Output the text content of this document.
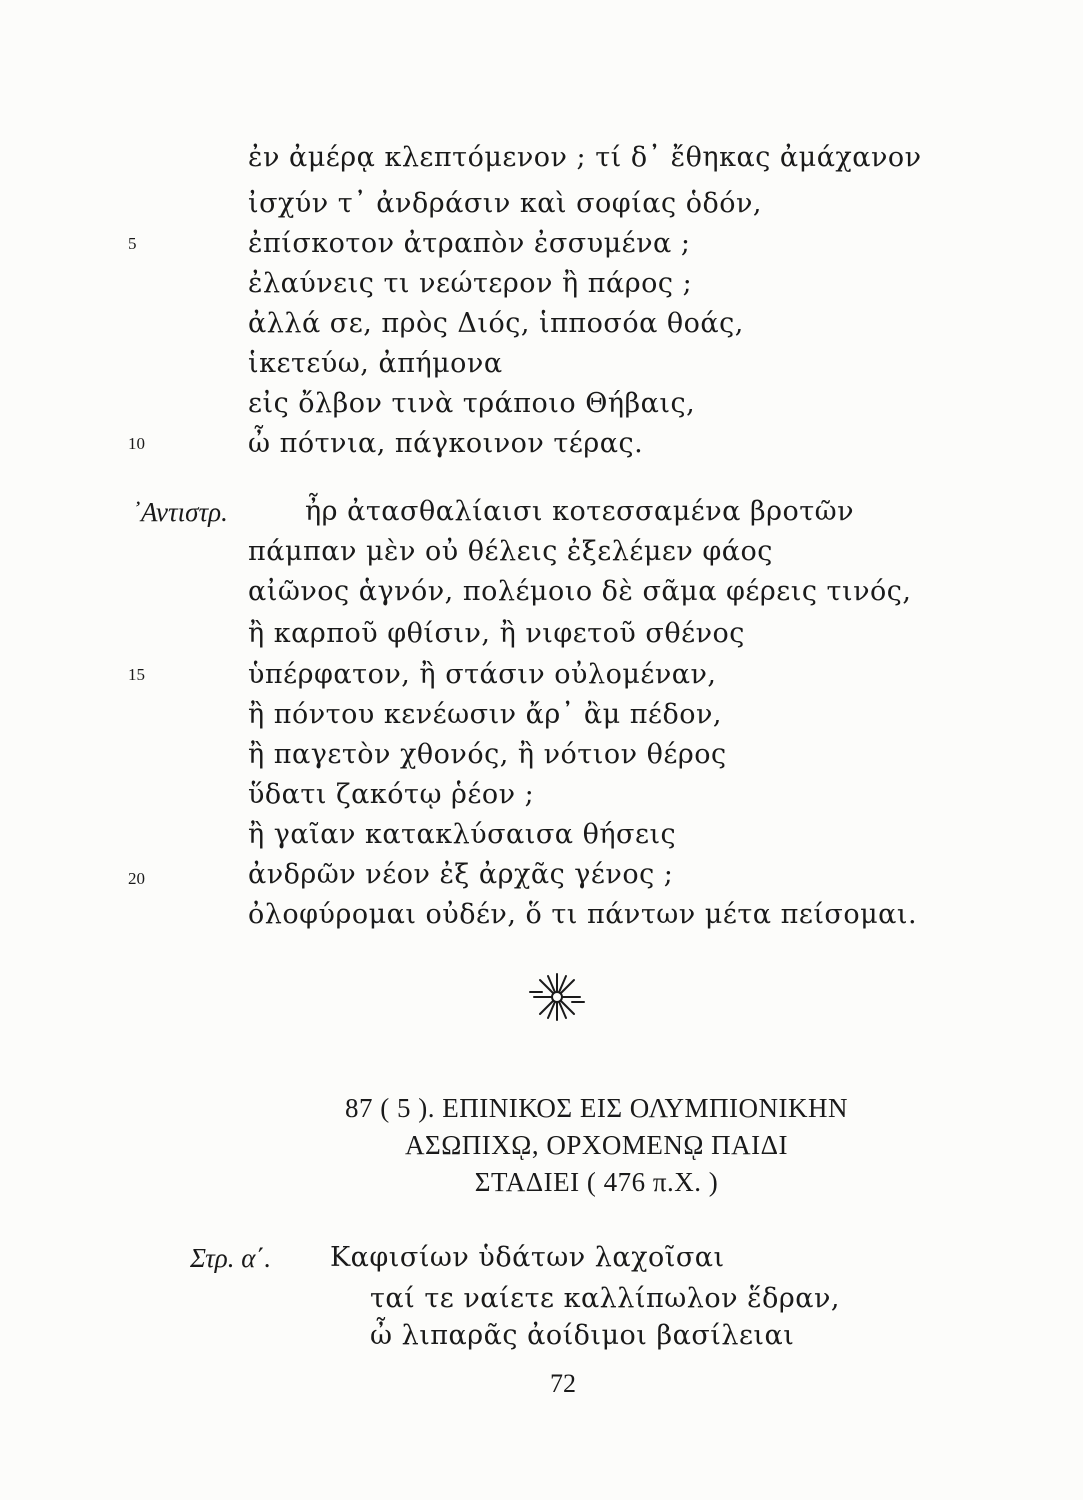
ἐν ἀμέρᾳ κλεπτόμενον ; τί δ᾽ ἔθηκας ἀμάχανον
ἰσχύν τ᾽ ἀνδράσιν καὶ σοφίας ὁδόν,
ἐπίσκοτον ἀτραπὸν ἐσσυμένα ;
ἐλαύνεις τι νεώτερον ἢ πάρος ;
ἀλλά σε, πρὸς Διός, ἱπποσόα θοάς,
ἱκετεύω, ἀπήμονα
εἰς ὄλβον τινὰ τράποιο Θήβαις,
ὦ πότνια, πάγκοινον τέρας.
5
10
᾿Αντιστρ.	ἦρ ἀτασθαλίαισι κοτεσσαμένα βροτῶν
πάμπαν μὲν οὐ θέλεις ἐξελέμεν φάος
αἰῶνος ἁγνόν, πολέμοιο δὲ σᾶμα φέρεις τινός,
ἢ καρποῦ φθίσιν, ἢ νιφετοῦ σθένος
ὑπέρφατον, ἢ στάσιν οὐλομέναν,
ἢ πόντου κενέωσιν ἄρ᾽ ἂμ πέδον,
ἢ παγετὸν χθονός, ἢ νότιον θέρος
ὕδατι ζακότῳ ῥέον ;
ἢ γαῖαν κατακλύσαισα θήσεις
ἀνδρῶν νέον ἐξ ἀρχᾶς γένος ;
ὀλοφύρομαι οὐδέν, ὅ τι πάντων μέτα πείσομαι.
15
20
87 ( 5 ). ΕΠΙΝΙΚΟΣ ΕΙΣ ΟΛΥΜΠΙΟΝΙΚΗΝ
ΑΣΩΠΙΧῼ, ΟΡΧΟΜΕΝῼ ΠΑΙΔΙ
ΣΤΑΔΙΕΙ ( 476 π.Χ. )
Στρ. α΄. Καφισίων ὑδάτων λαχοῖσαι
ταί τε ναίετε καλλίπωλον ἕδραν,
ὦ λιπαρᾶς ἀοίδιμοι βασίλειαι
72
